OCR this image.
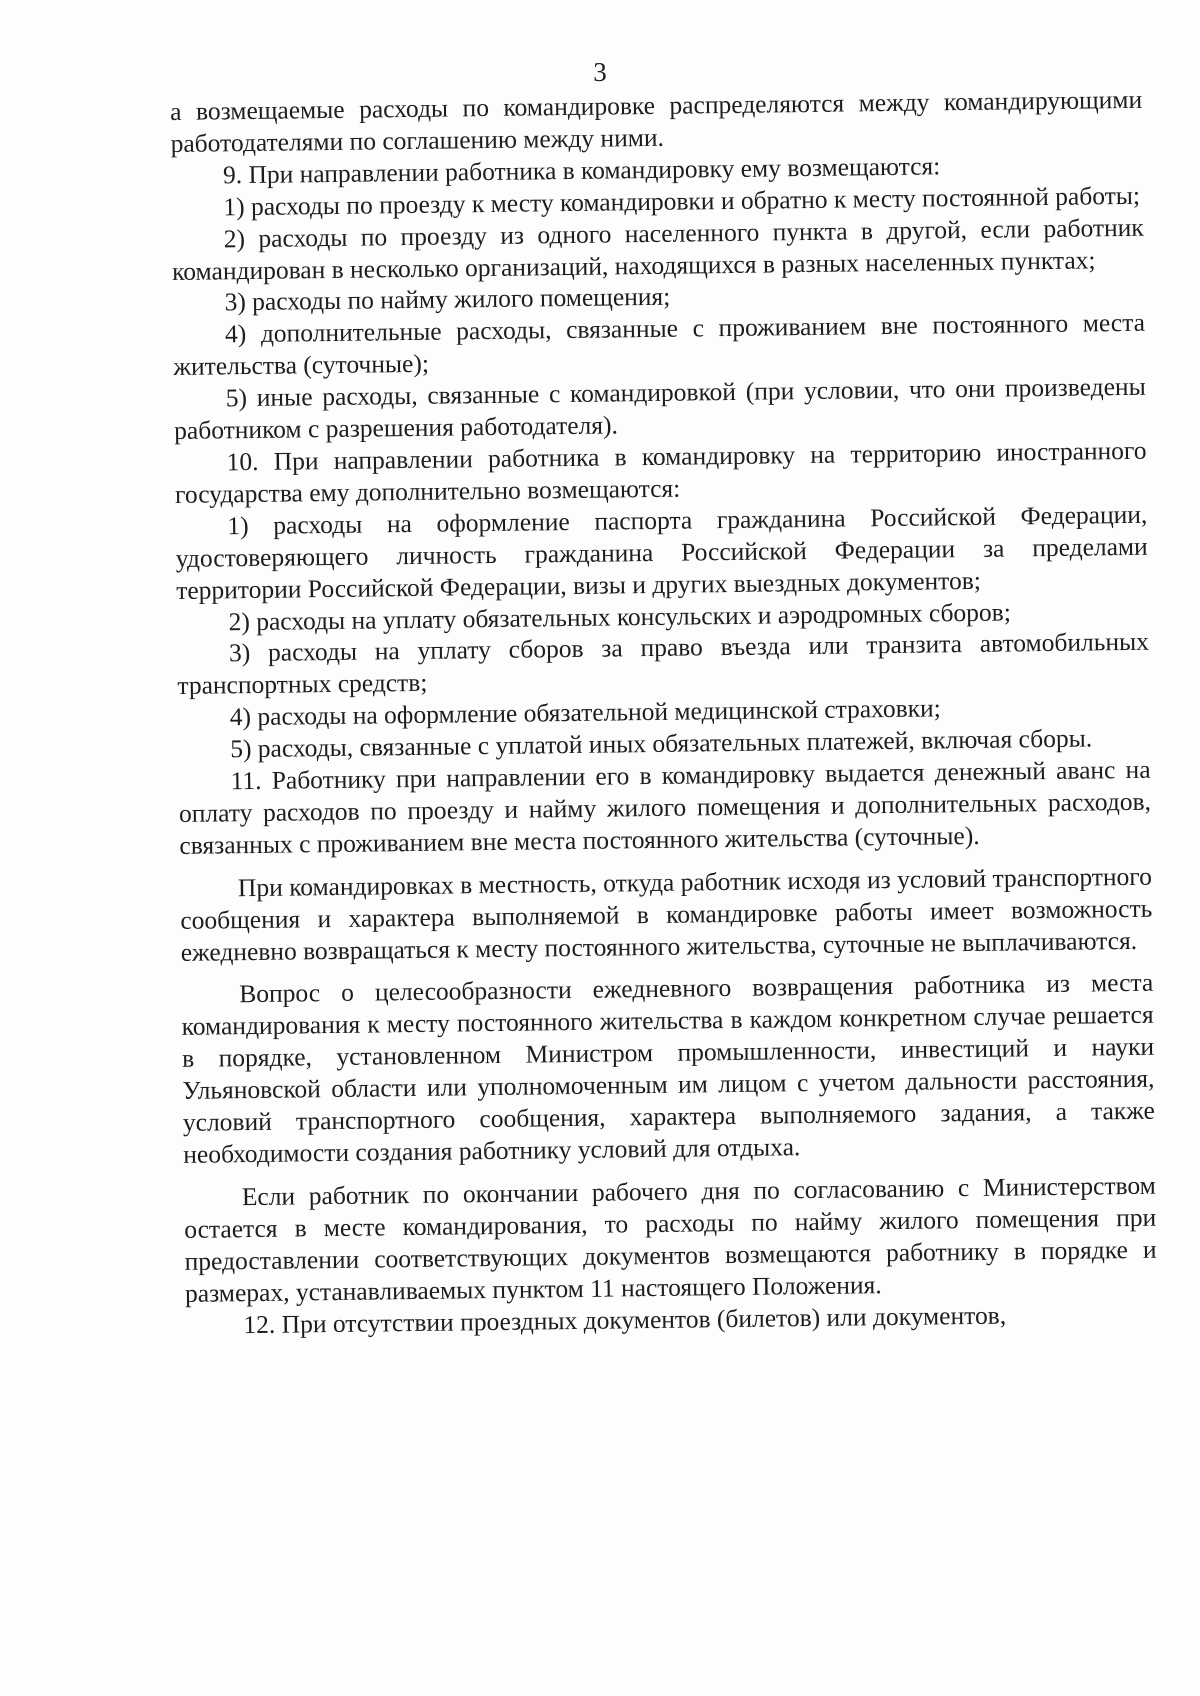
3

а возмещаемые расходы по командировке распределяются между командирующими работодателями по соглашению между ними.

9. При направлении работника в командировку ему возмещаются:

1) расходы по проезду к месту командировки и обратно к месту постоянной работы;

2) расходы по проезду из одного населенного пункта в другой, если работник командирован в несколько организаций, находящихся в разных населенных пунктах;

3) расходы по найму жилого помещения;

4) дополнительные расходы, связанные с проживанием вне постоянного места жительства (суточные);

5) иные расходы, связанные с командировкой (при условии, что они произведены работником с разрешения работодателя).

10. При направлении работника в командировку на территорию иностранного государства ему дополнительно возмещаются:

1) расходы на оформление паспорта гражданина Российской Федерации, удостоверяющего личность гражданина Российской Федерации за пределами территории Российской Федерации, визы и других выездных документов;

2) расходы на уплату обязательных консульских и аэродромных сборов;

3) расходы на уплату сборов за право въезда или транзита автомобильных транспортных средств;

4) расходы на оформление обязательной медицинской страховки;

5) расходы, связанные с уплатой иных обязательных платежей, включая сборы.

11. Работнику при направлении его в командировку выдается денежный аванс на оплату расходов по проезду и найму жилого помещения и дополнительных расходов, связанных с проживанием вне места постоянного жительства (суточные).

При командировках в местность, откуда работник исходя из условий транспортного сообщения и характера выполняемой в командировке работы имеет возможность ежедневно возвращаться к месту постоянного жительства, суточные не выплачиваются.

Вопрос о целесообразности ежедневного возвращения работника из места командирования к месту постоянного жительства в каждом конкретном случае решается в порядке, установленном Министром промышленности, инвестиций и науки Ульяновской области или уполномоченным им лицом с учетом дальности расстояния, условий транспортного сообщения, характера выполняемого задания, а также необходимости создания работнику условий для отдыха.

Если работник по окончании рабочего дня по согласованию с Министерством остается в месте командирования, то расходы по найму жилого помещения при предоставлении соответствующих документов возмещаются работнику в порядке и размерах, устанавливаемых пунктом 11 настоящего Положения.

12. При отсутствии проездных документов (билетов) или документов,
